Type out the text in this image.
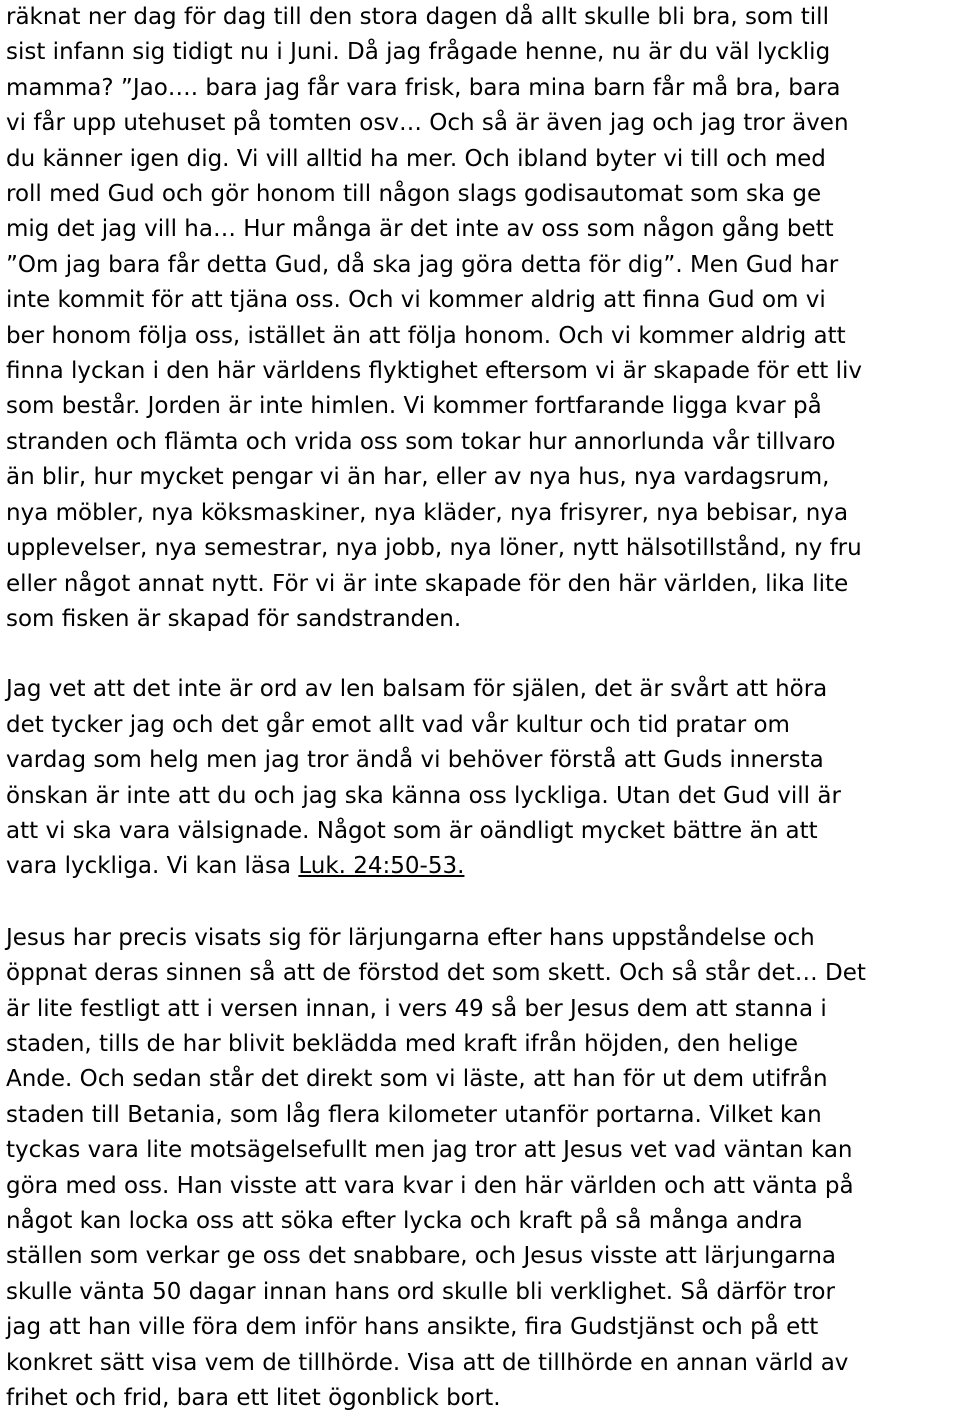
räknat ner dag för dag till den stora dagen då allt skulle bli bra, som till
sist infann sig tidigt nu i Juni. Då jag frågade henne, nu är du väl lycklig
mamma? ”Jao…. bara jag får vara frisk, bara mina barn får må bra, bara
vi får upp utehuset på tomten osv… Och så är även jag och jag tror även
du känner igen dig. Vi vill alltid ha mer. Och ibland byter vi till och med
roll med Gud och gör honom till någon slags godisautomat som ska ge
mig det jag vill ha… Hur många är det inte av oss som någon gång bett
”Om jag bara får detta Gud, då ska jag göra detta för dig”. Men Gud har
inte kommit för att tjäna oss. Och vi kommer aldrig att finna Gud om vi
ber honom följa oss, istället än att följa honom. Och vi kommer aldrig att
finna lyckan i den här världens flyktighet eftersom vi är skapade för ett liv
som består. Jorden är inte himlen. Vi kommer fortfarande ligga kvar på
stranden och flämta och vrida oss som tokar hur annorlunda vår tillvaro
än blir, hur mycket pengar vi än har, eller av nya hus, nya vardagsrum,
nya möbler, nya köksmaskiner, nya kläder, nya frisyrer, nya bebisar, nya
upplevelser, nya semestrar, nya jobb, nya löner, nytt hälsotillstånd, ny fru
eller något annat nytt. För vi är inte skapade för den här världen, lika lite
som fisken är skapad för sandstranden.

Jag vet att det inte är ord av len balsam för själen, det är svårt att höra
det tycker jag och det går emot allt vad vår kultur och tid pratar om
vardag som helg men jag tror ändå vi behöver förstå att Guds innersta
önskan är inte att du och jag ska känna oss lyckliga. Utan det Gud vill är
att vi ska vara välsignade. Något som är oändligt mycket bättre än att
vara lyckliga. Vi kan läsa Luk. 24:50-53.

Jesus har precis visats sig för lärjungarna efter hans uppståndelse och
öppnat deras sinnen så att de förstod det som skett. Och så står det… Det
är lite festligt att i versen innan, i vers 49 så ber Jesus dem att stanna i
staden, tills de har blivit beklädda med kraft ifrån höjden, den helige
Ande. Och sedan står det direkt som vi läste, att han för ut dem utifrån
staden till Betania, som låg flera kilometer utanför portarna. Vilket kan
tyckas vara lite motsägelsefullt men jag tror att Jesus vet vad väntan kan
göra med oss. Han visste att vara kvar i den här världen och att vänta på
något kan locka oss att söka efter lycka och kraft på så många andra
ställen som verkar ge oss det snabbare, och Jesus visste att lärjungarna
skulle vänta 50 dagar innan hans ord skulle bli verklighet. Så därför tror
jag att han ville föra dem inför hans ansikte, fira Gudstjänst och på ett
konkret sätt visa vem de tillhörde. Visa att de tillhörde en annan värld av
frihet och frid, bara ett litet ögonblick bort.
